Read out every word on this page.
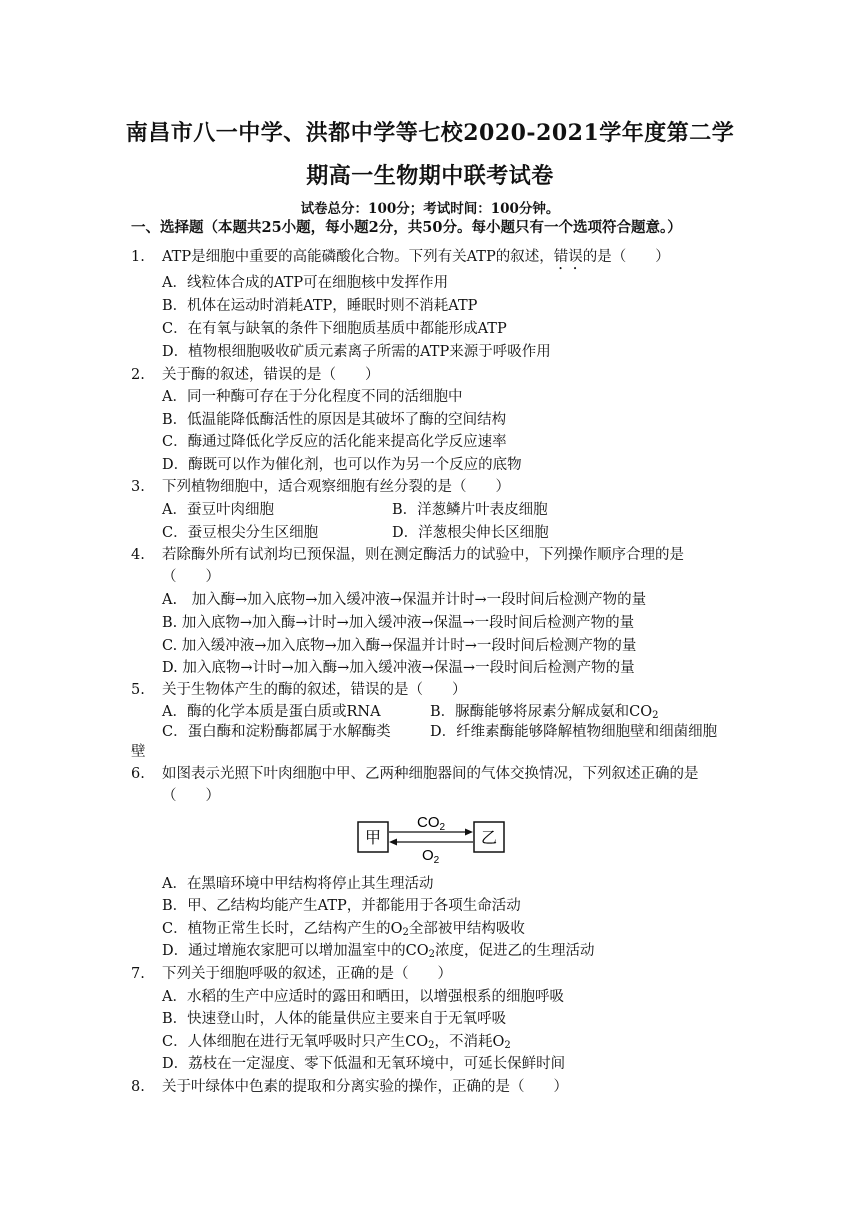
南昌市八一中学、洪都中学等七校2020-2021学年度第二学
期高一生物期中联考试卷
试卷总分：100分；考试时间：100分钟。
一、选择题（本题共25小题，每小题2分，共50分。每小题只有一个选项符合题意。）
1. ATP是细胞中重要的高能磷酸化合物。下列有关ATP的叙述，错误的是（　　）
A．线粒体合成的ATP可在细胞核中发挥作用
B．机体在运动时消耗ATP，睡眠时则不消耗ATP
C．在有氧与缺氧的条件下细胞质基质中都能形成ATP
D．植物根细胞吸收矿质元素离子所需的ATP来源于呼吸作用
2. 关于酶的叙述，错误的是（　　）
A．同一种酶可存在于分化程度不同的活细胞中
B．低温能降低酶活性的原因是其破坏了酶的空间结构
C．酶通过降低化学反应的活化能来提高化学反应速率
D．酶既可以作为催化剂，也可以作为另一个反应的底物
3. 下列植物细胞中，适合观察细胞有丝分裂的是（　　）
A．蚕豆叶肉细胞	B．洋葱鳞片叶表皮细胞
C．蚕豆根尖分生区细胞	D．洋葱根尖伸长区细胞
4. 若除酶外所有试剂均已预保温，则在测定酶活力的试验中，下列操作顺序合理的是
（　　）
A.　加入酶→加入底物→加入缓冲液→保温并计时→一段时间后检测产物的量
B. 加入底物→加入酶→计时→加入缓冲液→保温→一段时间后检测产物的量
C. 加入缓冲液→加入底物→加入酶→保温并计时→一段时间后检测产物的量
D. 加入底物→计时→加入酶→加入缓冲液→保温→一段时间后检测产物的量
5. 关于生物体产生的酶的叙述，错误的是（　　）
A．酶的化学本质是蛋白质或RNA	B．脲酶能够将尿素分解成氨和$CO_2$
C．蛋白酶和淀粉酶都属于水解酶类	D．纤维素酶能够降解植物细胞壁和细菌细胞
壁
6. 如图表示光照下叶肉细胞中甲、乙两种细胞器间的气体交换情况，下列叙述正确的是
（　　）
甲	乙
$CO_2$
$O_2$
A．在黑暗环境中甲结构将停止其生理活动
B．甲、乙结构均能产生ATP，并都能用于各项生命活动
C．植物正常生长时，乙结构产生的$O_2$全部被甲结构吸收
D．通过增施农家肥可以增加温室中的$CO_2$浓度，促进乙的生理活动
7. 下列关于细胞呼吸的叙述，正确的是（　　）
A．水稻的生产中应适时的露田和晒田，以增强根系的细胞呼吸
B．快速登山时，人体的能量供应主要来自于无氧呼吸
C．人体细胞在进行无氧呼吸时只产生$CO_2$，不消耗$O_2$
D．荔枝在一定湿度、零下低温和无氧环境中，可延长保鲜时间
8. 关于叶绿体中色素的提取和分离实验的操作，正确的是（　　）
